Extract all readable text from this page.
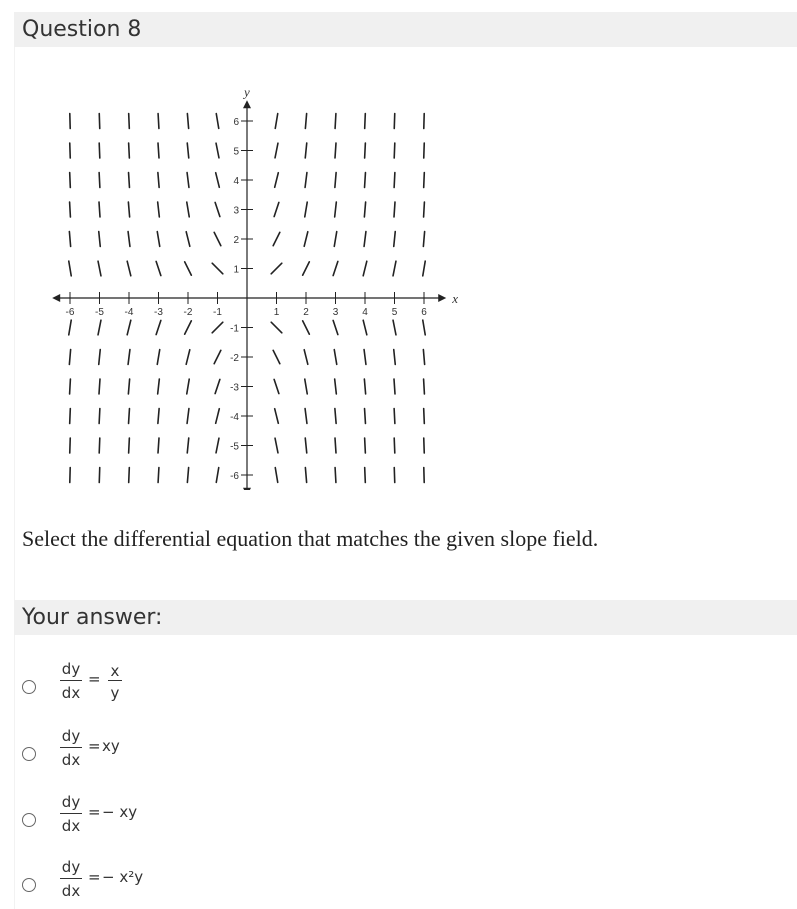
Question 8
-6 -5 -4 -3 -2 -1	1 2 3 4 5 6
-6
-5
-4
-3
-2
-1
1
2
3
4
5
6
x
y
Select the differential equation that matches the given slope field.
Your answer:
dy
dx
= x
y
dy
dx
= xy
dy
dx
= − xy
dy
dx
= − x²y
